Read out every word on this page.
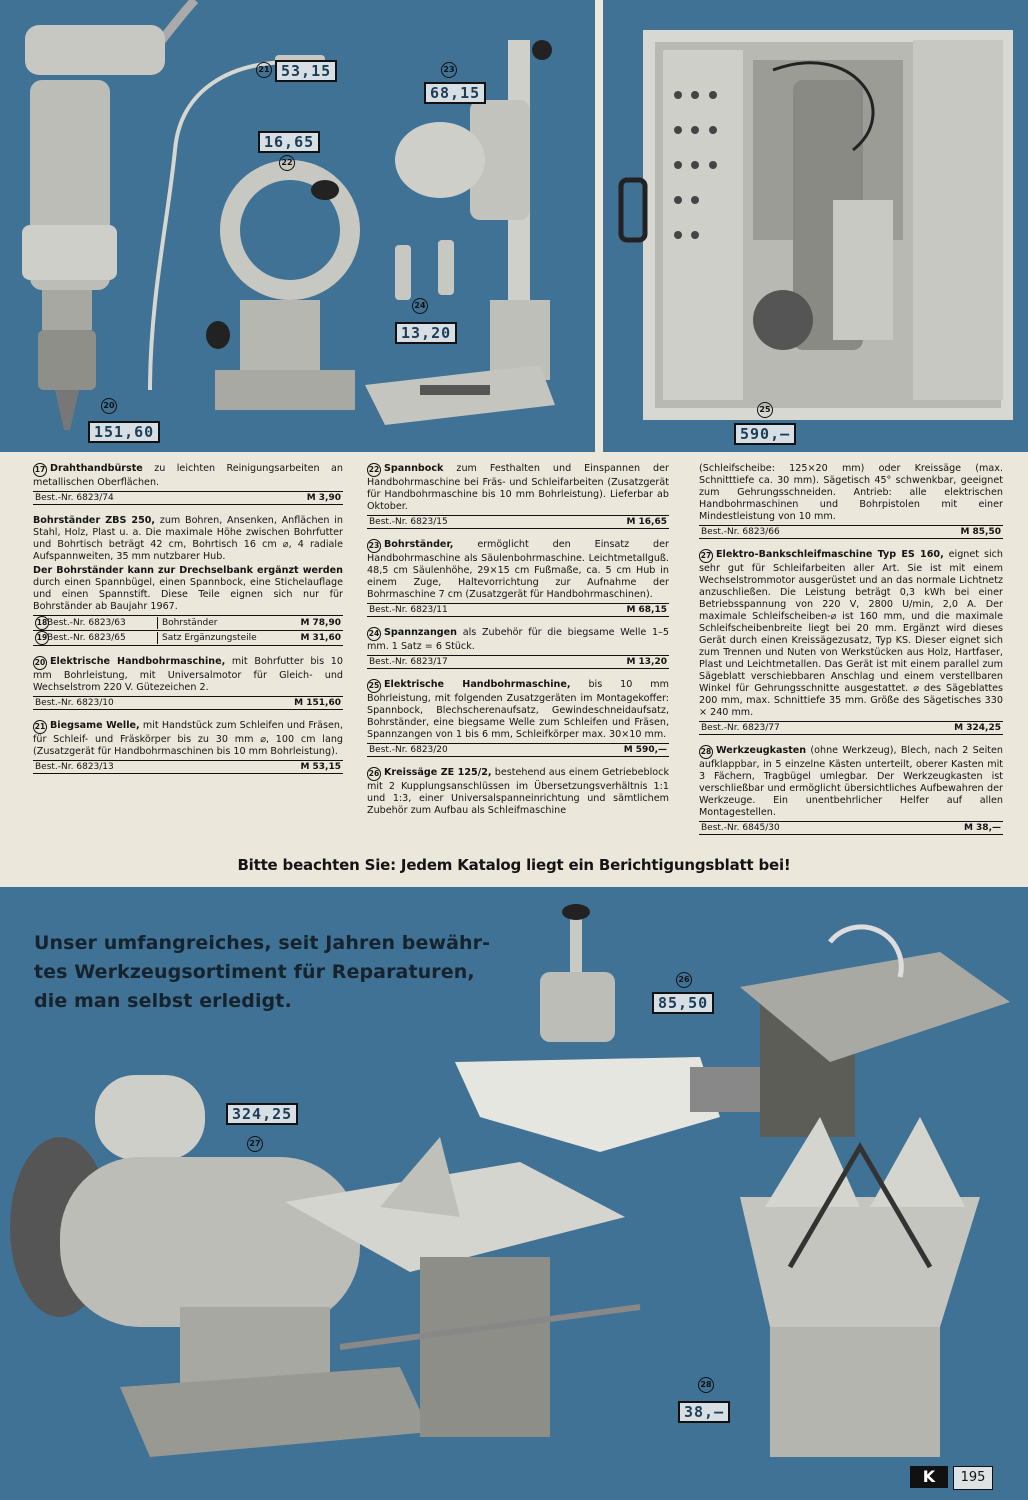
53,15
21
16,65
22
68,15
23
13,20
24
151,60
20
590,—
25

17 Drahthandbürste zu leichten Reinigungsarbeiten an metallischen Oberflächen.

Best.-Nr. 6823/74	M 3,90

Bohrständer ZBS 250, zum Bohren, Ansenken, Anflächen in Stahl, Holz, Plast u. a. Die maximale Höhe zwischen Bohrfutter und Bohrtisch beträgt 42 cm, Bohrtisch 16 cm ⌀, 4 radiale Aufspannweiten, 35 mm nutzbarer Hub.

Der Bohrständer kann zur Drechselbank ergänzt werden durch einen Spannbügel, einen Spannbock, eine Stichelauflage und einen Spannstift. Diese Teile eignen sich nur für Bohrständer ab Baujahr 1967.

18 Best.-Nr. 6823/63	Bohrständer	M 78,90
19 Best.-Nr. 6823/65	Satz Ergänzungsteile	M 31,60

20 Elektrische Handbohrmaschine, mit Bohrfutter bis 10 mm Bohrleistung, mit Universalmotor für Gleich- und Wechselstrom 220 V. Gütezeichen 2.

Best.-Nr. 6823/10	M 151,60

21 Biegsame Welle, mit Handstück zum Schleifen und Fräsen, für Schleif- und Fräskörper bis zu 30 mm ⌀, 100 cm lang (Zusatzgerät für Handbohrmaschinen bis 10 mm Bohrleistung).

Best.-Nr. 6823/13	M 53,15

22 Spannbock zum Festhalten und Einspannen der Handbohrmaschine bei Fräs- und Schleifarbeiten (Zusatzgerät für Handbohrmaschine bis 10 mm Bohrleistung). Lieferbar ab Oktober.

Best.-Nr. 6823/15	M 16,65

23 Bohrständer, ermöglicht den Einsatz der Handbohrmaschine als Säulenbohrmaschine. Leichtmetallguß. 48,5 cm Säulenhöhe, 29×15 cm Fußmaße, ca. 5 cm Hub in einem Zuge, Haltevorrichtung zur Aufnahme der Bohrmaschine 7 cm (Zusatzgerät für Handbohrmaschinen).

Best.-Nr. 6823/11	M 68,15

24 Spannzangen als Zubehör für die biegsame Welle 1–5 mm. 1 Satz = 6 Stück.

Best.-Nr. 6823/17	M 13,20

25 Elektrische Handbohrmaschine, bis 10 mm Bohrleistung, mit folgenden Zusatzgeräten im Montagekoffer: Spannbock, Blechscherenaufsatz, Gewindeschneidaufsatz, Bohrständer, eine biegsame Welle zum Schleifen und Fräsen, Spannzangen von 1 bis 6 mm, Schleifkörper max. 30×10 mm.

Best.-Nr. 6823/20	M 590,—

26 Kreissäge ZE 125/2, bestehend aus einem Getriebeblock mit 2 Kupplungsanschlüssen im Übersetzungsverhältnis 1:1 und 1:3, einer Universalspanneinrichtung und sämtlichem Zubehör zum Aufbau als Schleifmaschine

(Schleifscheibe: 125×20 mm) oder Kreissäge (max. Schnitttiefe ca. 30 mm). Sägetisch 45° schwenkbar, geeignet zum Gehrungsschneiden. Antrieb: alle elektrischen Handbohrmaschinen und Bohrpistolen mit einer Mindestleistung von 10 mm.

Best.-Nr. 6823/66	M 85,50

27 Elektro-Bankschleifmaschine Typ ES 160, eignet sich sehr gut für Schleifarbeiten aller Art. Sie ist mit einem Wechselstrommotor ausgerüstet und an das normale Lichtnetz anzuschließen. Die Leistung beträgt 0,3 kWh bei einer Betriebsspannung von 220 V, 2800 U/min, 2,0 A. Der maximale Schleifscheiben-⌀ ist 160 mm, und die maximale Schleifscheibenbreite liegt bei 20 mm. Ergänzt wird dieses Gerät durch einen Kreissägezusatz, Typ KS. Dieser eignet sich zum Trennen und Nuten von Werkstücken aus Holz, Hartfaser, Plast und Leichtmetallen. Das Gerät ist mit einem parallel zum Sägeblatt verschiebbaren Anschlag und einem verstellbaren Winkel für Gehrungsschnitte ausgestattet. ⌀ des Sägeblattes 200 mm, max. Schnittiefe 35 mm. Größe des Sägetisches 330 × 240 mm.

Best.-Nr. 6823/77	M 324,25

28 Werkzeugkasten (ohne Werkzeug), Blech, nach 2 Seiten aufklappbar, in 5 einzelne Kästen unterteilt, oberer Kasten mit 3 Fächern, Tragbügel umlegbar. Der Werkzeugkasten ist verschließbar und ermöglicht übersichtliches Aufbewahren der Werkzeuge. Ein unentbehrlicher Helfer auf allen Montagestellen.

Best.-Nr. 6845/30	M 38,—
Bitte beachten Sie: Jedem Katalog liegt ein Berichtigungsblatt bei!
Unser umfangreiches, seit Jahren bewähr-
tes Werkzeugsortiment für Reparaturen,
die man selbst erledigt.	85,50
26
324,25
27
38,—
28
K	195
